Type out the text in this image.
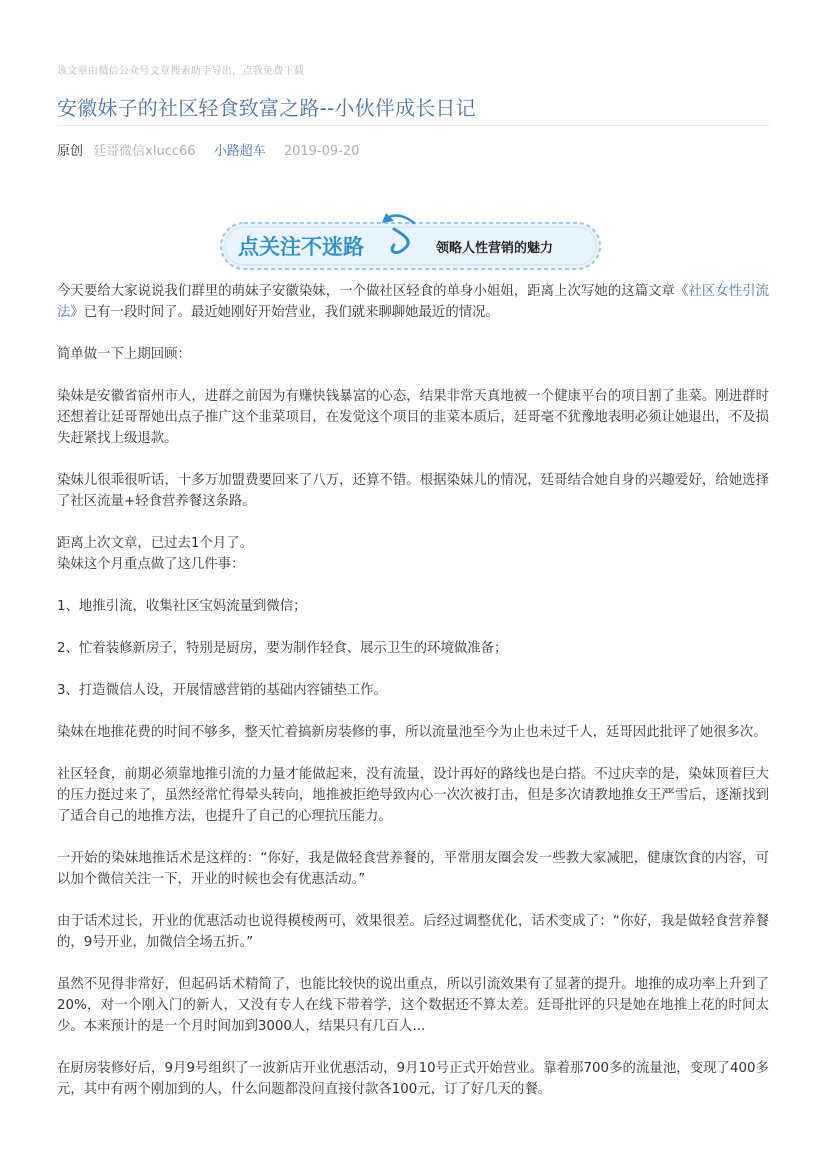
该文章由微信公众号文章搜索助手导出，点我免费下载
安徽妹子的社区轻食致富之路--小伙伴成长日记
原创 廷哥微信xlucc66 小路超车 2019-09-20
点关注不迷路	领略人性营销的魅力

今天要给大家说说我们群里的萌妹子安徽染妹，一个做社区轻食的单身小姐姐，距离上次写她的这篇文章《社区女性引流法》已有一段时间了。最近她刚好开始营业，我们就来聊聊她最近的情况。

简单做一下上期回顾：

染妹是安徽省宿州市人，进群之前因为有赚快钱暴富的心态，结果非常天真地被一个健康平台的项目割了韭菜。刚进群时还想着让廷哥帮她出点子推广这个韭菜项目，在发觉这个项目的韭菜本质后，廷哥毫不犹豫地表明必须让她退出，不及损失赶紧找上级退款。

染妹儿很乖很听话，十多万加盟费要回来了八万，还算不错。根据染妹儿的情况，廷哥结合她自身的兴趣爱好，给她选择了社区流量+轻食营养餐这条路。

距离上次文章，已过去1个月了。

染妹这个月重点做了这几件事：

1、地推引流，收集社区宝妈流量到微信；

2、忙着装修新房子，特别是厨房，要为制作轻食、展示卫生的环境做准备；

3、打造微信人设，开展情感营销的基础内容铺垫工作。

染妹在地推花费的时间不够多，整天忙着搞新房装修的事，所以流量池至今为止也未过千人，廷哥因此批评了她很多次。

社区轻食，前期必须靠地推引流的力量才能做起来，没有流量，设计再好的路线也是白搭。不过庆幸的是，染妹顶着巨大的压力挺过来了，虽然经常忙得晕头转向，地推被拒绝导致内心一次次被打击，但是多次请教地推女王严雪后，逐渐找到了适合自己的地推方法，也提升了自己的心理抗压能力。

一开始的染妹地推话术是这样的：“你好，我是做轻食营养餐的，平常朋友圈会发一些教大家减肥，健康饮食的内容，可以加个微信关注一下，开业的时候也会有优惠活动。”

由于话术过长，开业的优惠活动也说得模棱两可，效果很差。后经过调整优化，话术变成了：“你好，我是做轻食营养餐的，9号开业，加微信全场五折。”

虽然不见得非常好，但起码话术精简了，也能比较快的说出重点，所以引流效果有了显著的提升。地推的成功率上升到了20%，对一个刚入门的新人，又没有专人在线下带着学，这个数据还不算太差。廷哥批评的只是她在地推上花的时间太少。本来预计的是一个月时间加到3000人，结果只有几百人...

在厨房装修好后，9月9号组织了一波新店开业优惠活动，9月10号正式开始营业。靠着那700多的流量池，变现了400多元，其中有两个刚加到的人，什么问题都没问直接付款各100元，订了好几天的餐。
